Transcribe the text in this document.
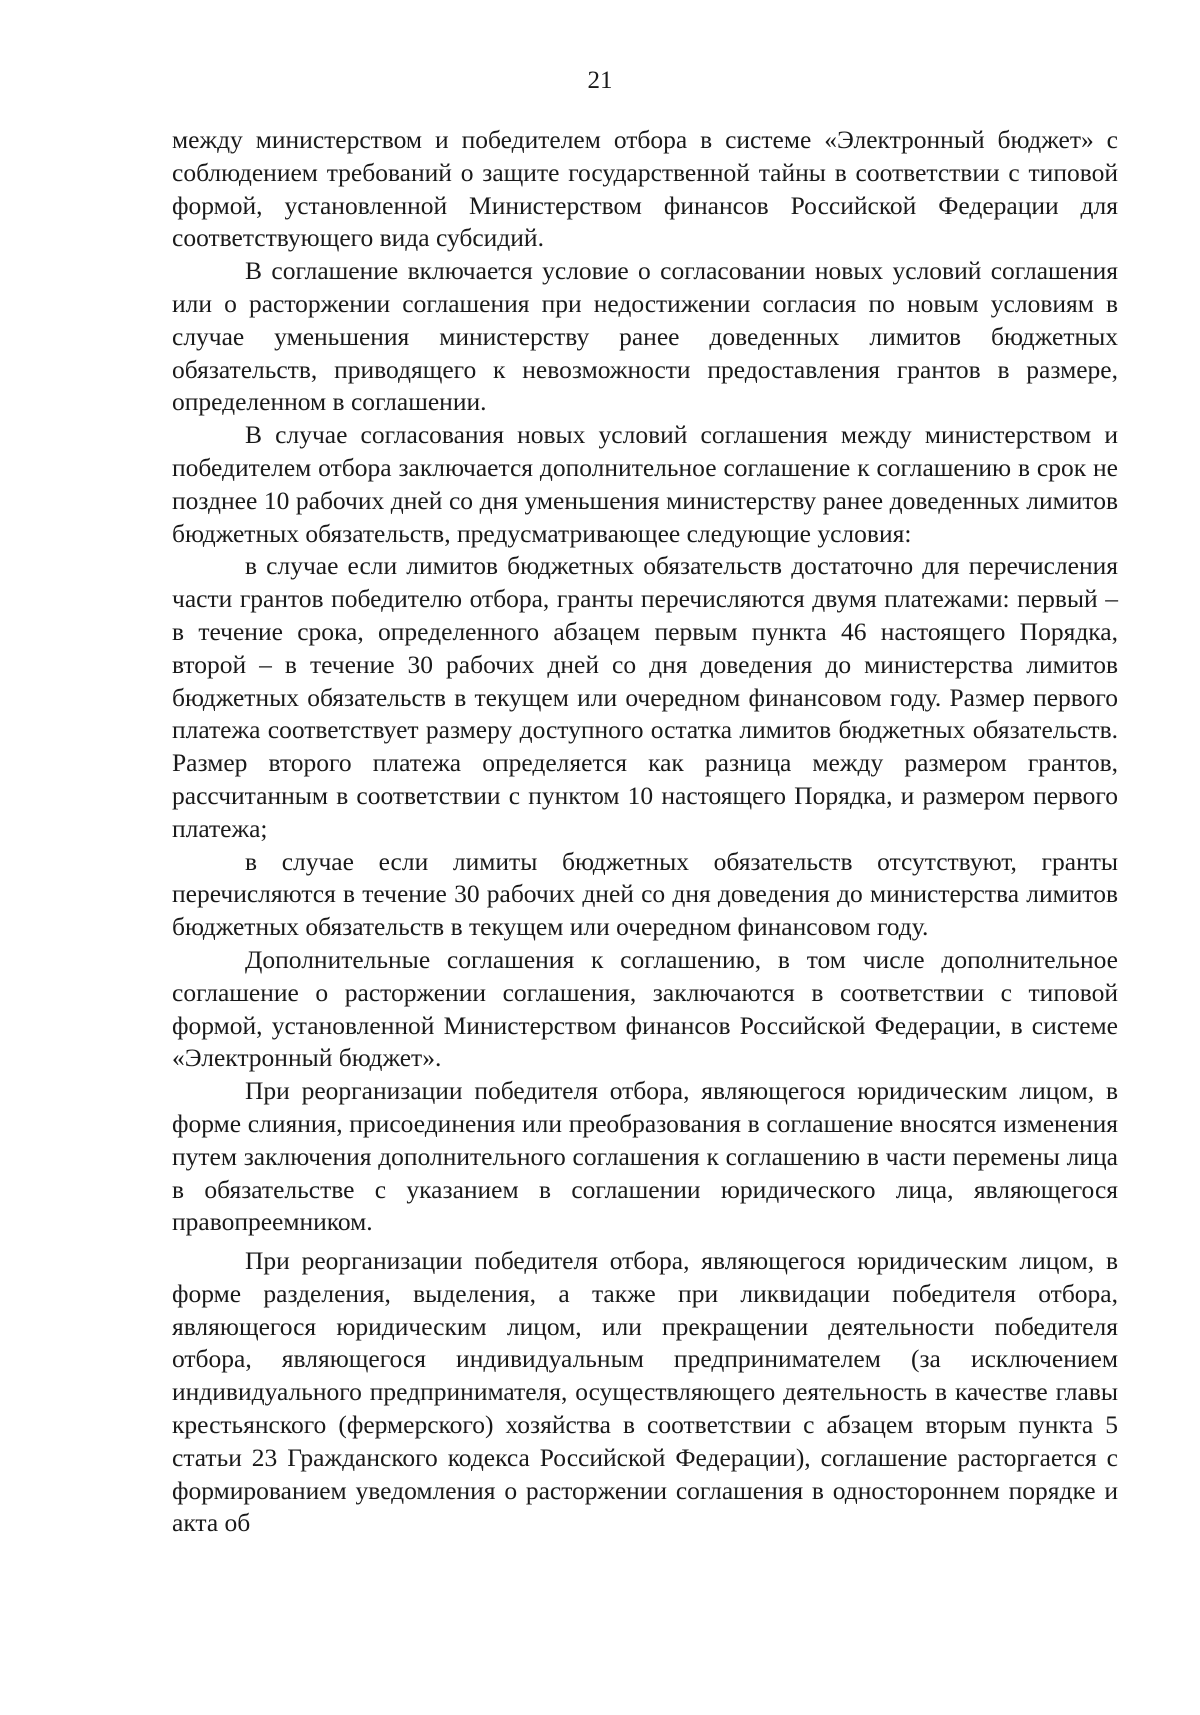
21

между министерством и победителем отбора в системе «Электронный бюджет» с соблюдением требований о защите государственной тайны в соответствии с типовой формой, установленной Министерством финансов Российской Федерации для соответствующего вида субсидий.

В соглашение включается условие о согласовании новых условий соглашения или о расторжении соглашения при недостижении согласия по новым условиям в случае уменьшения министерству ранее доведенных лимитов бюджетных обязательств, приводящего к невозможности предоставления грантов в размере, определенном в соглашении.

В случае согласования новых условий соглашения между министерством и победителем отбора заключается дополнительное соглашение к соглашению в срок не позднее 10 рабочих дней со дня уменьшения министерству ранее доведенных лимитов бюджетных обязательств, предусматривающее следующие условия:

в случае если лимитов бюджетных обязательств достаточно для перечисления части грантов победителю отбора, гранты перечисляются двумя платежами: первый – в течение срока, определенного абзацем первым пункта 46 настоящего Порядка, второй – в течение 30 рабочих дней со дня доведения до министерства лимитов бюджетных обязательств в текущем или очередном финансовом году. Размер первого платежа соответствует размеру доступного остатка лимитов бюджетных обязательств. Размер второго платежа определяется как разница между размером грантов, рассчитанным в соответствии с пунктом 10 настоящего Порядка, и размером первого платежа;

в случае если лимиты бюджетных обязательств отсутствуют, гранты перечисляются в течение 30 рабочих дней со дня доведения до министерства лимитов бюджетных обязательств в текущем или очередном финансовом году.

Дополнительные соглашения к соглашению, в том числе дополнительное соглашение о расторжении соглашения, заключаются в соответствии с типовой формой, установленной Министерством финансов Российской Федерации, в системе «Электронный бюджет».

При реорганизации победителя отбора, являющегося юридическим лицом, в форме слияния, присоединения или преобразования в соглашение вносятся изменения путем заключения дополнительного соглашения к соглашению в части перемены лица в обязательстве с указанием в соглашении юридического лица, являющегося правопреемником.

При реорганизации победителя отбора, являющегося юридическим лицом, в форме разделения, выделения, а также при ликвидации победителя отбора, являющегося юридическим лицом, или прекращении деятельности победителя отбора, являющегося индивидуальным предпринимателем (за исключением индивидуального предпринимателя, осуществляющего деятельность в качестве главы крестьянского (фермерского) хозяйства в соответствии с абзацем вторым пункта 5 статьи 23 Гражданского кодекса Российской Федерации), соглашение расторгается с формированием уведомления о расторжении соглашения в одностороннем порядке и акта об
